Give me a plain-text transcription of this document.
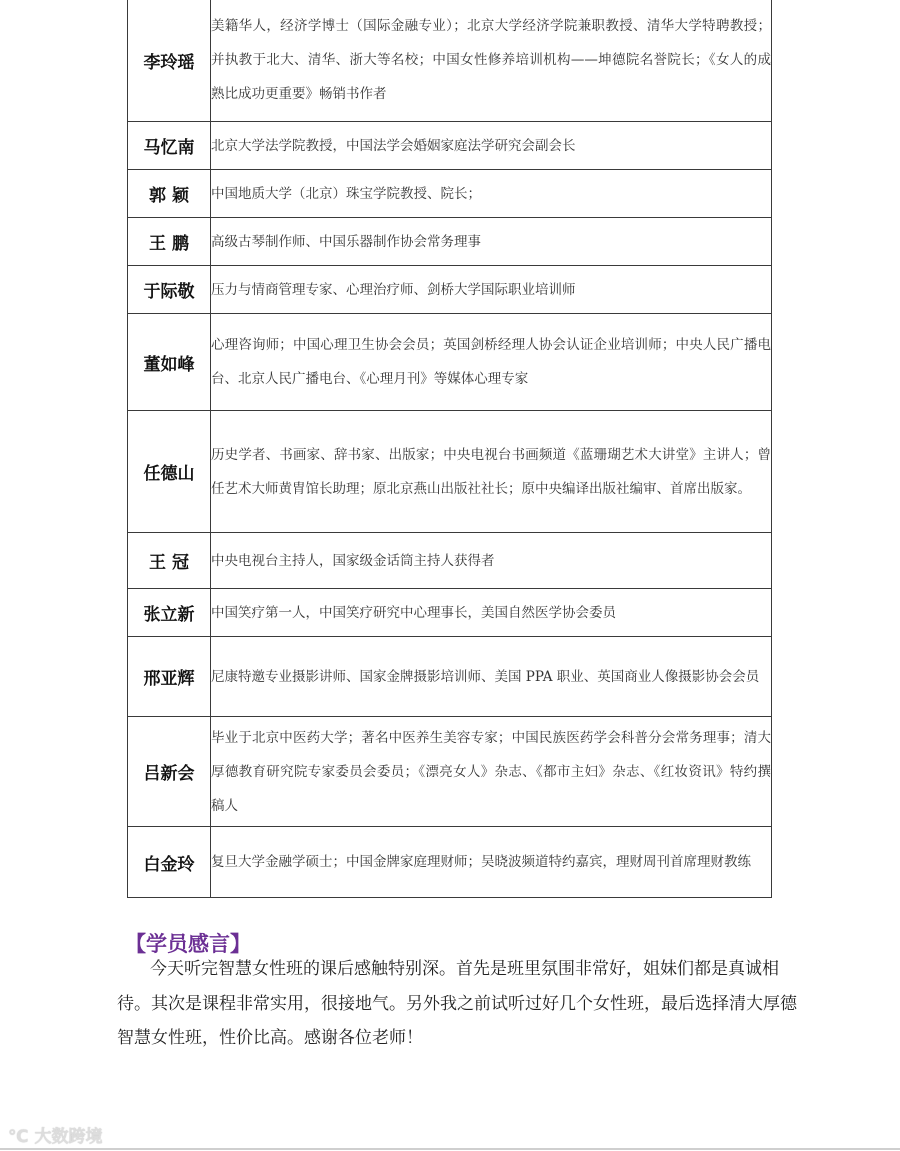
李玲瑶	美籍华人，经济学博士（国际金融专业）；北京大学经济学院兼职教授、清华大学特聘教授；并执教于北大、清华、浙大等名校；中国女性修养培训机构——坤德院名誉院长；《女人的成熟比成功更重要》畅销书作者
马忆南	北京大学法学院教授，中国法学会婚姻家庭法学研究会副会长
郭 颖	中国地质大学（北京）珠宝学院教授、院长；
王 鹏	高级古琴制作师、中国乐器制作协会常务理事
于际敬	压力与情商管理专家、心理治疗师、剑桥大学国际职业培训师
董如峰	心理咨询师；中国心理卫生协会会员；英国剑桥经理人协会认证企业培训师；中央人民广播电台、北京人民广播电台、《心理月刊》等媒体心理专家
任德山	历史学者、书画家、辞书家、出版家；中央电视台书画频道《蓝珊瑚艺术大讲堂》主讲人；曾任艺术大师黄胄馆长助理；原北京燕山出版社社长；原中央编译出版社编审、首席出版家。
王 冠	中央电视台主持人，国家级金话筒主持人获得者
张立新	中国笑疗第一人，中国笑疗研究中心理事长，美国自然医学协会委员
邢亚辉	尼康特邀专业摄影讲师、国家金牌摄影培训师、美国 PPA 职业、英国商业人像摄影协会会员
吕新会	毕业于北京中医药大学；著名中医养生美容专家；中国民族医药学会科普分会常务理事；清大厚德教育研究院专家委员会委员；《漂亮女人》杂志、《都市主妇》杂志、《红妆资讯》特约撰稿人
白金玲	复旦大学金融学硕士；中国金牌家庭理财师；吴晓波频道特约嘉宾，理财周刊首席理财教练
【学员感言】

今天听完智慧女性班的课后感触特别深。首先是班里氛围非常好，姐妹们都是真诚相待。其次是课程非常实用，很接地气。另外我之前试听过好几个女性班，最后选择清大厚德智慧女性班，性价比高。感谢各位老师！

℃ 大数跨境
